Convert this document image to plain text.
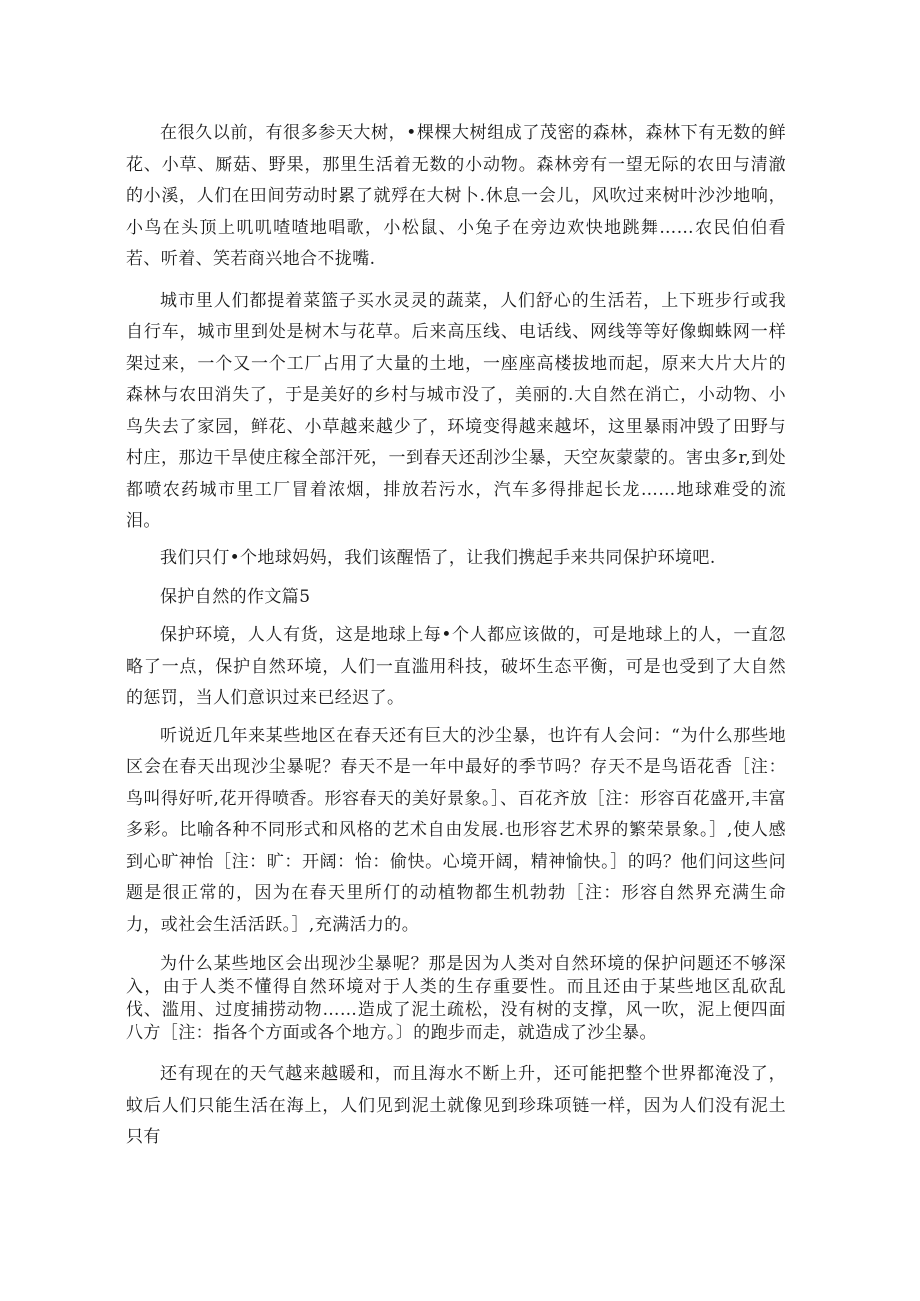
在很久以前，有很多参天大树，•棵棵大树组成了茂密的森林，森林下有无数的鲜花、小草、厮菇、野果，那里生活着无数的小动物。森林旁有一望无际的农田与清澈的小溪，人们在田间劳动时累了就殍在大树卜.休息一会儿，风吹过来树叶沙沙地响，小鸟在头顶上叽叽喳喳地唱歌，小松鼠、小兔子在旁边欢快地跳舞……农民伯伯看若、听着、笑若商兴地合不拢嘴.

城市里人们都提着菜篮子买水灵灵的蔬菜，人们舒心的生活若，上下班步行或我自行车，城市里到处是树木与花草。后来高压线、电话线、网线等等好像蜘蛛网一样架过来，一个又一个工厂占用了大量的土地，一座座高楼拔地而起，原来大片大片的森林与农田消失了，于是美好的乡村与城市没了，美丽的.大自然在消亡，小动物、小鸟失去了家园，鲜花、小草越来越少了，环境变得越来越坏，这里暴雨冲毁了田野与村庄，那边干旱使庄稼全部汗死，一到春天还刮沙尘暴，天空灰蒙蒙的。害虫多r,到处都喷农药城市里工厂冒着浓烟，排放若污水，汽车多得排起长龙……地球难受的流泪。

我们只仃•个地球妈妈，我们该醒悟了，让我们携起手来共同保护环境吧.

保护自然的作文篇5

保护环境，人人有货，这是地球上每•个人都应该做的，可是地球上的人，一直忽略了一点，保护自然环境，人们一直滥用科技，破坏生态平衡，可是也受到了大自然的惩罚，当人们意识过来已经迟了。

听说近几年来某些地区在春天还有巨大的沙尘暴，也许有人会问：“为什么那些地区会在春天出现沙尘暴呢？春天不是一年中最好的季节吗？存天不是鸟语花香［注：鸟叫得好听,花开得喷香。形容春天的美好景象。］、百花齐放［注：形容百花盛开,丰富多彩。比喻各种不同形式和风格的艺术自由发展.也形容艺术界的繁荣景象。］,使人感到心旷神怡［注：旷：开阔：怡：偷快。心境开阔，精神愉快。］的吗？他们问这些问题是很正常的，因为在春天里所仃的动植物都生机勃勃［注：形容自然界充满生命力，或社会生活活跃。］,充满活力的。

为什么某些地区会出现沙尘暴呢？那是因为人类对自然环境的保护问题还不够深入，由于人类不懂得自然环境对于人类的生存重要性。而且还由于某些地区乱砍乱伐、滥用、过度捕捞动物……造成了泥土疏松，没有树的支撑，风一吹，泥上便四面八方［注：指各个方面或各个地方。〕的跑步而走，就造成了沙尘暴。

还有现在的天气越来越暖和，而且海水不断上升，还可能把整个世界都淹没了，蚊后人们只能生活在海上，人们见到泥土就像见到珍珠项链一样，因为人们没有泥土只有
